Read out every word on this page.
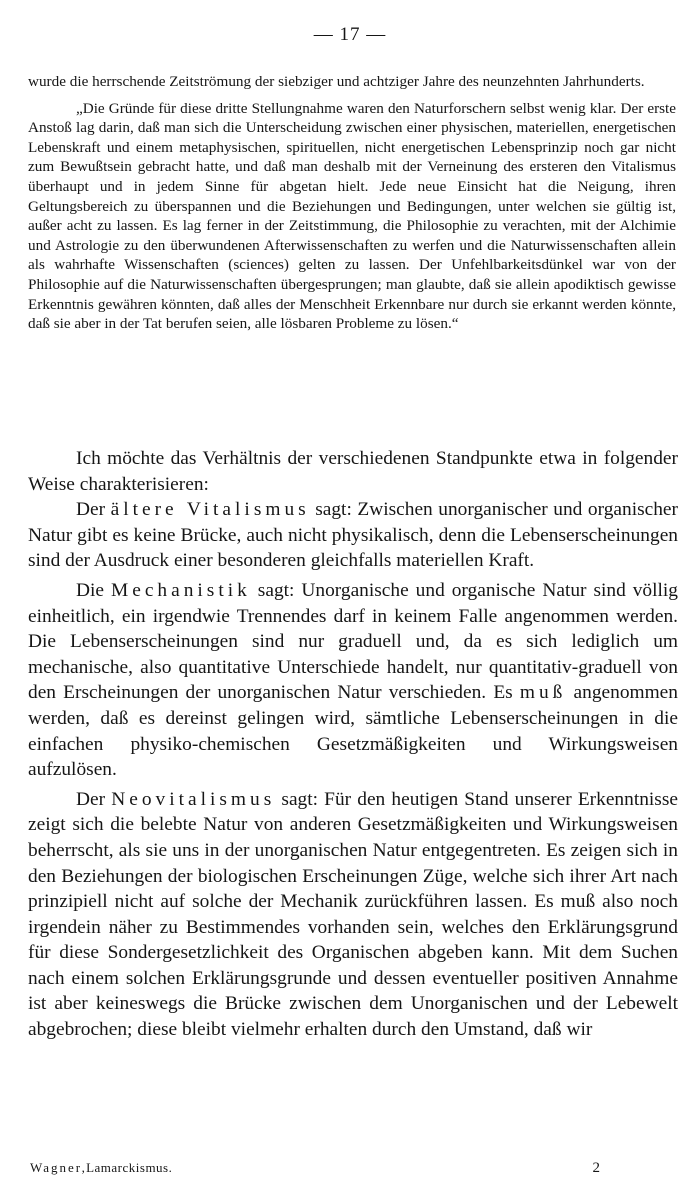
— 17 —

wurde die herrschende Zeitströmung der siebziger und achtziger Jahre des neunzehnten Jahrhunderts.

„Die Gründe für diese dritte Stellungnahme waren den Naturforschern selbst wenig klar. Der erste Anstoß lag darin, daß man sich die Unterscheidung zwischen einer physischen, materiellen, energetischen Lebenskraft und einem metaphysischen, spirituellen, nicht energetischen Lebensprinzip noch gar nicht zum Bewußtsein gebracht hatte, und daß man deshalb mit der Verneinung des ersteren den Vitalismus überhaupt und in jedem Sinne für abgetan hielt. Jede neue Einsicht hat die Neigung, ihren Geltungsbereich zu überspannen und die Beziehungen und Bedingungen, unter welchen sie gültig ist, außer acht zu lassen. Es lag ferner in der Zeitstimmung, die Philosophie zu verachten, mit der Alchimie und Astrologie zu den überwundenen Afterwissenschaften zu werfen und die Naturwissenschaften allein als wahrhafte Wissenschaften (sciences) gelten zu lassen. Der Unfehlbarkeitsdünkel war von der Philosophie auf die Naturwissenschaften übergesprungen; man glaubte, daß sie allein apodiktisch gewisse Erkenntnis gewähren könnten, daß alles der Menschheit Erkennbare nur durch sie erkannt werden könnte, daß sie aber in der Tat berufen seien, alle lösbaren Probleme zu lösen.“

Ich möchte das Verhältnis der verschiedenen Standpunkte etwa in folgender Weise charakterisieren:

Der ältere Vitalismus sagt: Zwischen unorganischer und organischer Natur gibt es keine Brücke, auch nicht physikalisch, denn die Lebenserscheinungen sind der Ausdruck einer besonderen gleichfalls materiellen Kraft.

Die Mechanistik sagt: Unorganische und organische Natur sind völlig einheitlich, ein irgendwie Trennendes darf in keinem Falle angenommen werden. Die Lebenserscheinungen sind nur graduell und, da es sich lediglich um mechanische, also quantitative Unterschiede handelt, nur quantitativ-graduell von den Erscheinungen der unorganischen Natur verschieden. Es muß angenommen werden, daß es dereinst gelingen wird, sämtliche Lebenserscheinungen in die einfachen physiko-chemischen Gesetzmäßigkeiten und Wirkungsweisen aufzulösen.

Der Neovitalismus sagt: Für den heutigen Stand unserer Erkenntnisse zeigt sich die belebte Natur von anderen Gesetzmäßigkeiten und Wirkungsweisen beherrscht, als sie uns in der unorganischen Natur entgegentreten. Es zeigen sich in den Beziehungen der biologischen Erscheinungen Züge, welche sich ihrer Art nach prinzipiell nicht auf solche der Mechanik zurückführen lassen. Es muß also noch irgendein näher zu Bestimmendes vorhanden sein, welches den Erklärungsgrund für diese Sondergesetzlichkeit des Organischen abgeben kann. Mit dem Suchen nach einem solchen Erklärungsgrunde und dessen eventueller positiven Annahme ist aber keineswegs die Brücke zwischen dem Unorganischen und der Lebewelt abgebrochen; diese bleibt vielmehr erhalten durch den Umstand, daß wir

Wagner, Lamarckismus.	2
